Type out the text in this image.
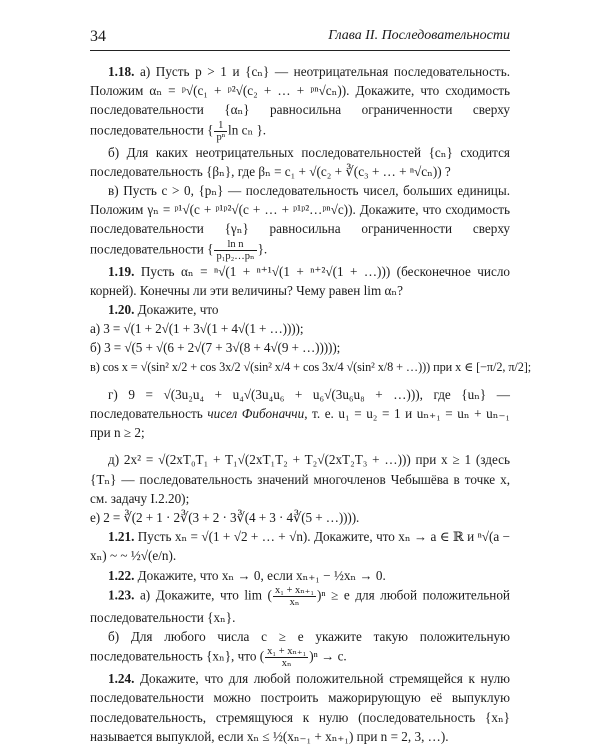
34	Глава II. Последовательности

1.18. а) Пусть p > 1 и {cₙ} — неотрицательная последовательность. Положим αₙ = ᵖ√(c₁ + ᵖ²√(c₂ + … + ᵖⁿ√cₙ)). Докажите, что сходимость последовательности {αₙ} равносильна ограниченности сверху последовательности { $\frac{1}{\text{pⁿ}}$ ln cₙ }.

б) Для каких неотрицательных последовательностей {cₙ} сходится последовательность {βₙ}, где βₙ = c₁ + √(c₂ + ∛(c₃ + … + ⁿ√cₙ)) ?

в) Пусть c > 0, {pₙ} — последовательность чисел, больших единицы. Положим γₙ = ᵖ¹√(c + ᵖ¹ᵖ²√(c + … + ᵖ¹ᵖ²…ᵖⁿ√c)). Докажите, что сходимость последовательности {γₙ} равносильна ограниченности сверху последовательности { $\frac{\text{ln n}}{\text{p₁p₂…pₙ}}$ }.

1.19. Пусть αₙ = ⁿ√(1 + ⁿ⁺¹√(1 + ⁿ⁺²√(1 + …))) (бесконечное число корней). Конечны ли эти величины? Чему равен lim αₙ?

1.20. Докажите, что

а) 3 = √(1 + 2√(1 + 3√(1 + 4√(1 + …))));

б) 3 = √(5 + √(6 + 2√(7 + 3√(8 + 4√(9 + …)))));

в) cos x = √(sin² x/2 + cos 3x/2 √(sin² x/4 + cos 3x/4 √(sin² x/8 + …))) при x ∈ [−π/2, π/2];

г) 9 = √(3u₂u₄ + u₄√(3u₄u₆ + u₆√(3u₆u₈ + …))), где {uₙ} — последовательность чисел Фибоначчи, т. е. u₁ = u₂ = 1 и uₙ₊₁ = uₙ + uₙ₋₁ при n ≥ 2;

д) 2x² = √(2xT₀T₁ + T₁√(2xT₁T₂ + T₂√(2xT₂T₃ + …))) при x ≥ 1 (здесь {Tₙ} — последовательность значений многочленов Чебышёва в точке x, см. задачу I.2.20);

е) 2 = ∛(2 + 1 · 2∛(3 + 2 · 3∛(4 + 3 · 4∛(5 + …)))).

1.21. Пусть xₙ = √(1 + √2 + … + √n). Докажите, что xₙ → a ∈ ℝ и ⁿ√(a − xₙ) ~ ~ ½√(e/n).

1.22. Докажите, что xₙ → 0, если xₙ₊₁ − ½xₙ → 0.

1.23. а) Докажите, что lim ( $\frac{\text{x₁ + xₙ₊₁}}{\text{xₙ}} )^n \ge e$ для любой положительной последовательности {xₙ}.

б) Для любого числа c ≥ e укажите такую положительную последовательность {xₙ}, что ( $\frac{\text{x₁ + xₙ₊₁}}{\text{xₙ}} )^n \to c$.

1.24. Докажите, что для любой положительной стремящейся к нулю последовательности можно построить мажорирующую её выпуклую последовательность, стремящуюся к нулю (последовательность {xₙ} называется выпуклой, если xₙ ≤ ½(xₙ₋₁ + xₙ₊₁) при n = 2, 3, …).
